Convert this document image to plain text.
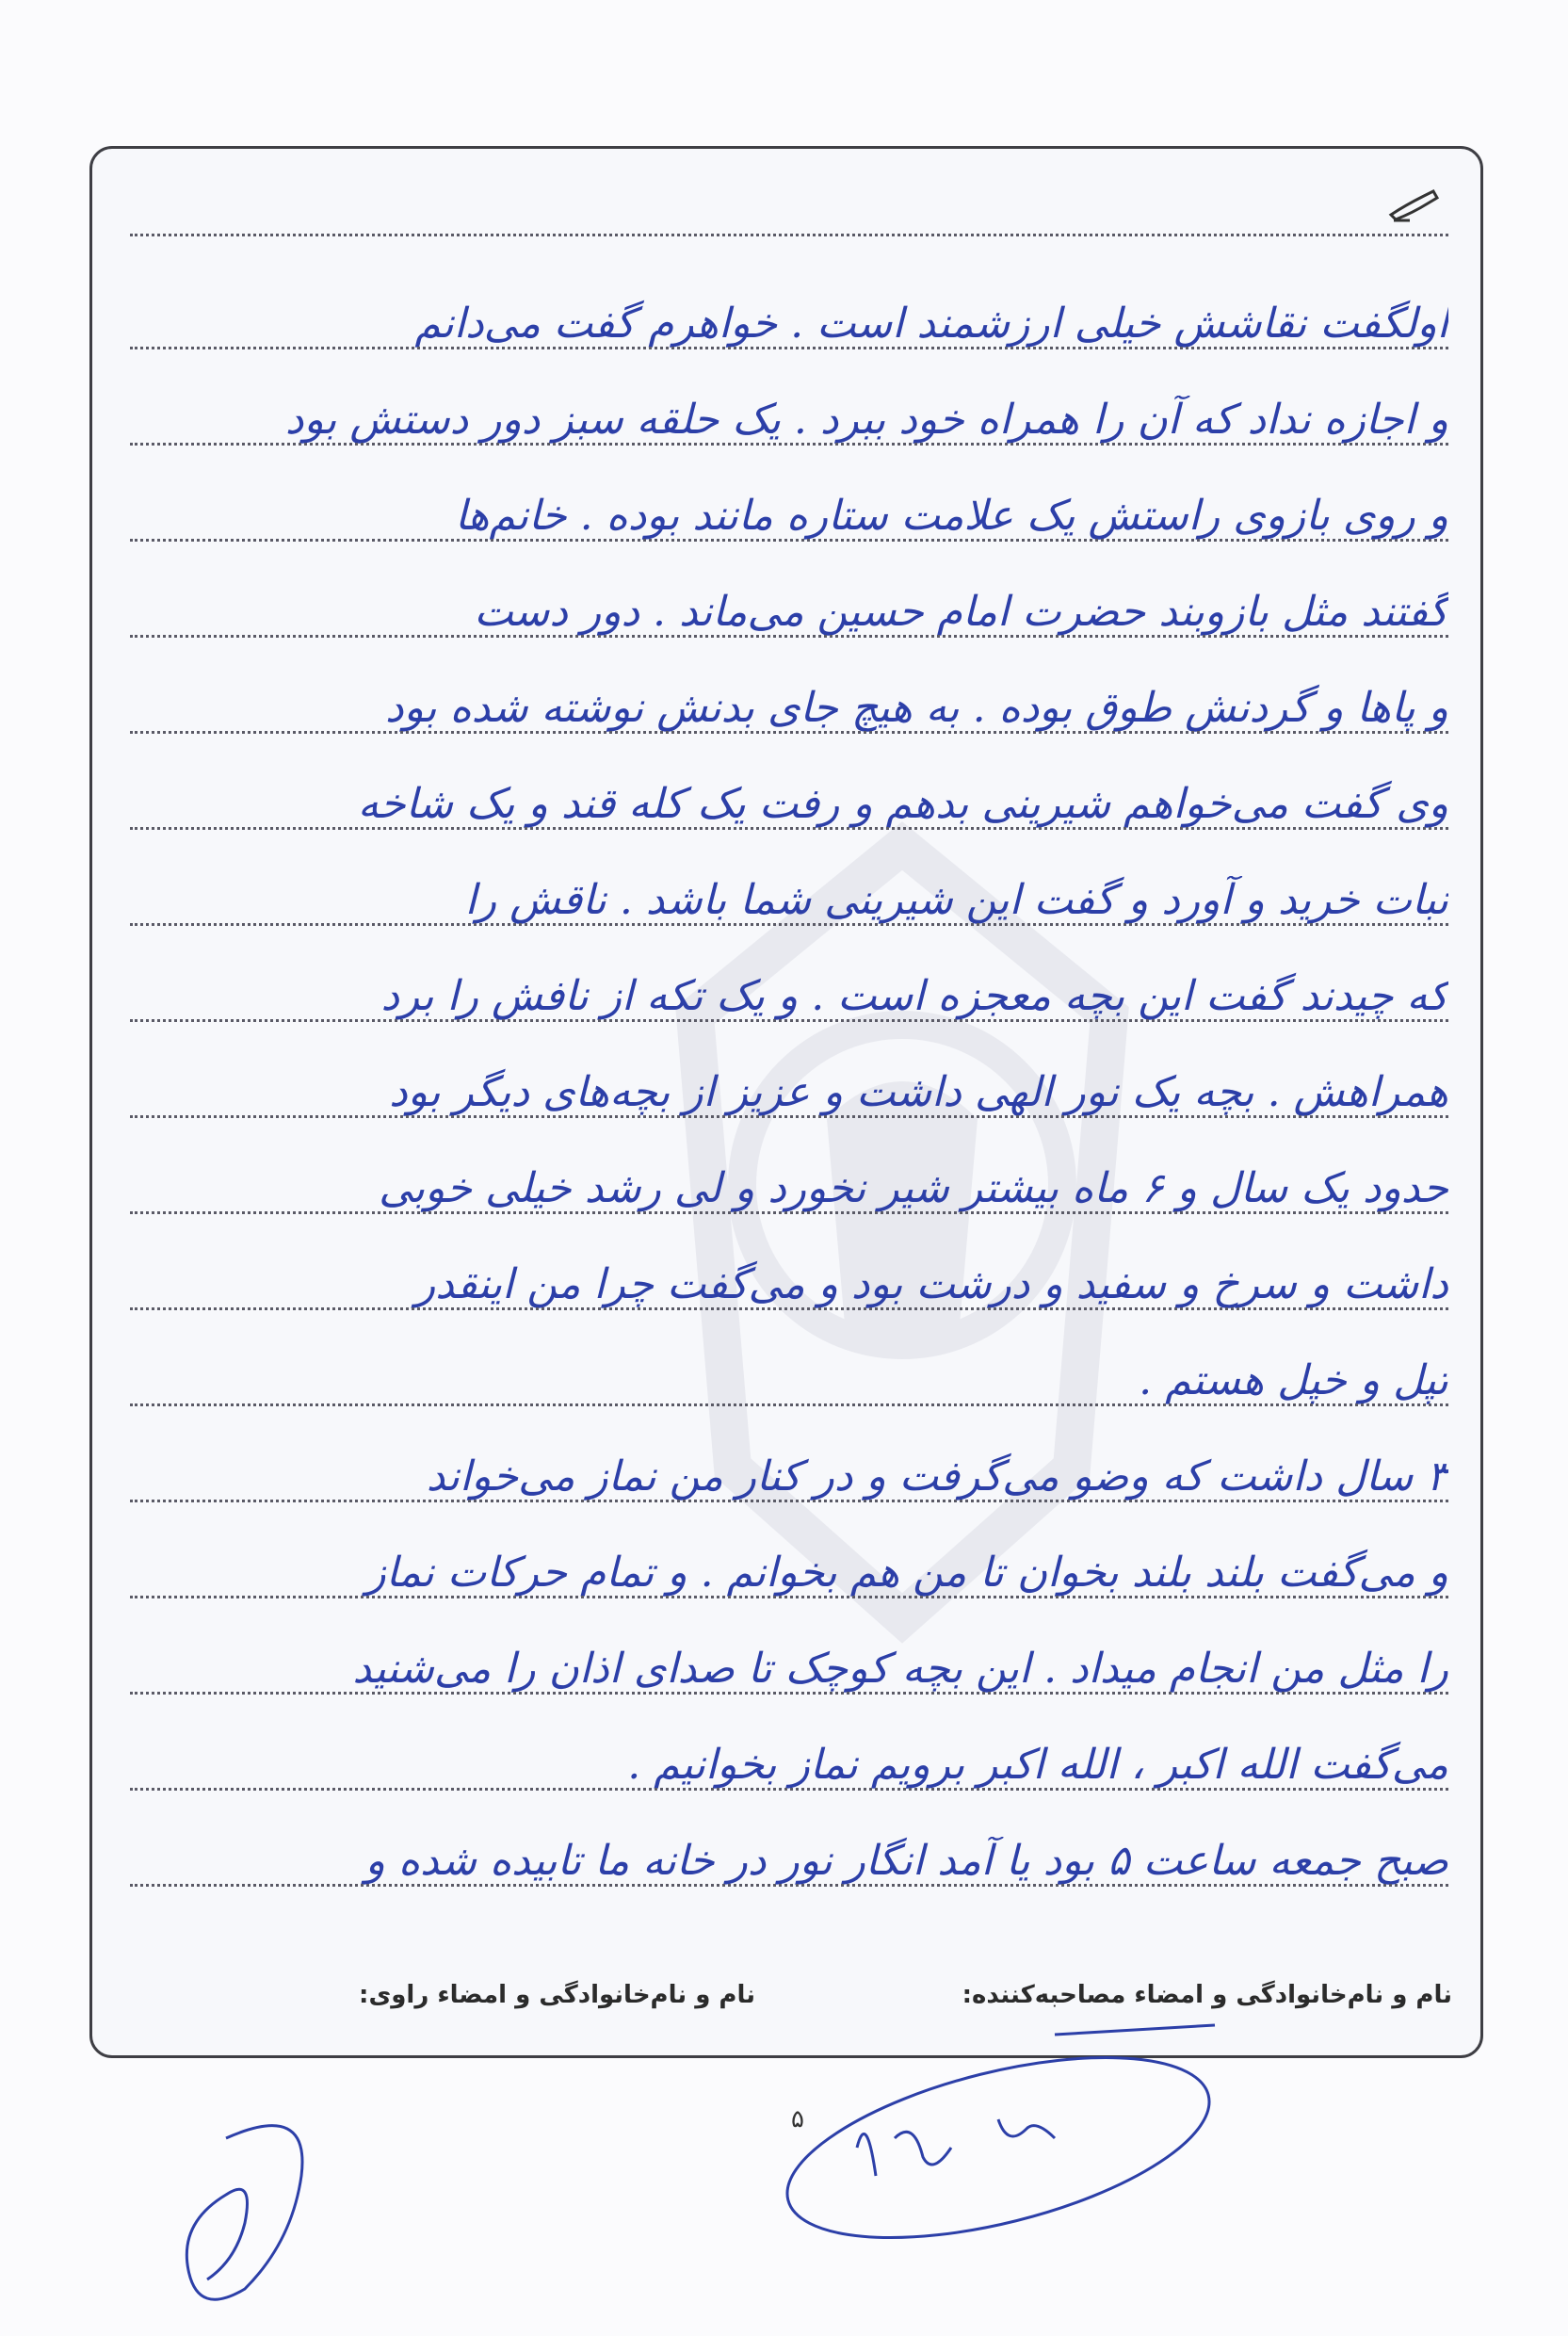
اولگفت نقاشش خیلی ارزشمند است . خواهرم گفت می‌دانم
و اجازه نداد که آن را همراه خود ببرد . یک حلقه سبز دور دستش بود
و روی بازوی راستش یک علامت ستاره مانند بوده . خانم‌ها
گفتند مثل بازوبند حضرت امام حسین می‌ماند . دور دست
و پاها و گردنش طوق بوده . به هیچ جای بدنش نوشته شده بود
وی گفت می‌خواهم شیرینی بدهم و رفت یک کله قند و یک شاخه
نبات خرید و آورد و گفت این شیرینی شما باشد . ناقش را
که چیدند گفت این بچه معجزه است . و یک تکه از نافش را برد
همراهش . بچه یک نور الهی داشت و عزیز از بچه‌های دیگر بود
حدود یک سال و ۶ ماه بیشتر شیر نخورد و لی رشد خیلی خوبی
داشت و سرخ و سفید و درشت بود و می‌گفت چرا من اینقدر
تپل و خپل هستم .
۳ سال داشت که وضو می‌گرفت و در کنار من نماز می‌خواند
و می‌گفت بلند بلند بخوان تا من هم بخوانم . و تمام حرکات نماز
را مثل من انجام میداد . این بچه کوچک تا صدای اذان را می‌شنید
می‌گفت الله اکبر ، الله اکبر برویم نماز بخوانیم .
صبح جمعه ساعت ۵ بود یا آمد انگار نور در خانه ما تابیده شده و
نام و نام‌خانوادگی و امضاء مصاحبه‌کننده:
نام و نام‌خانوادگی و امضاء راوی:
۵
